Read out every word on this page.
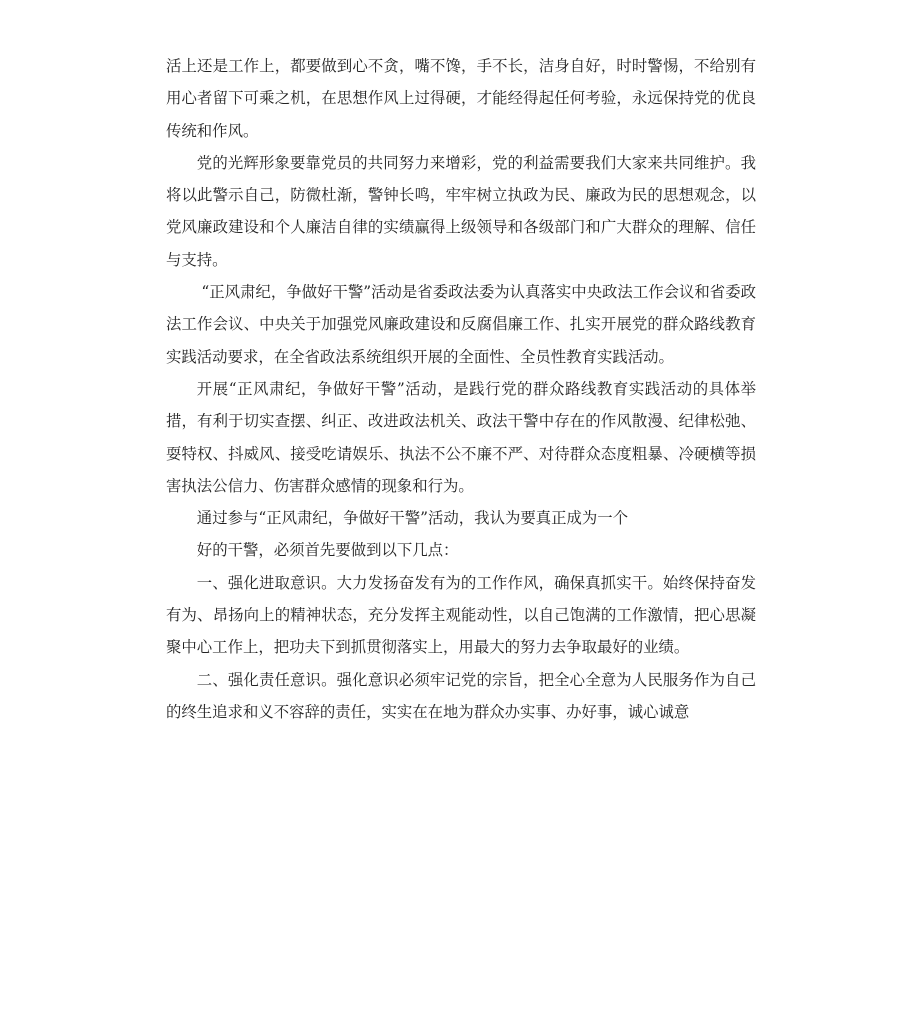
活上还是工作上，都要做到心不贪，嘴不馋，手不长，洁身自好，时时警惕，不给别有用心者留下可乘之机，在思想作风上过得硬，才能经得起任何考验，永远保持党的优良传统和作风。

党的光辉形象要靠党员的共同努力来增彩，党的利益需要我们大家来共同维护。我将以此警示自己，防微杜渐，警钟长鸣，牢牢树立执政为民、廉政为民的思想观念，以党风廉政建设和个人廉洁自律的实绩赢得上级领导和各级部门和广大群众的理解、信任与支持。

“正风肃纪，争做好干警”活动是省委政法委为认真落实中央政法工作会议和省委政法工作会议、中央关于加强党风廉政建设和反腐倡廉工作、扎实开展党的群众路线教育实践活动要求，在全省政法系统组织开展的全面性、全员性教育实践活动。

开展“正风肃纪，争做好干警”活动，是践行党的群众路线教育实践活动的具体举措，有利于切实查摆、纠正、改进政法机关、政法干警中存在的作风散漫、纪律松弛、耍特权、抖威风、接受吃请娱乐、执法不公不廉不严、对待群众态度粗暴、冷硬横等损害执法公信力、伤害群众感情的现象和行为。

通过参与“正风肃纪，争做好干警”活动，我认为要真正成为一个

好的干警，必须首先要做到以下几点：

一、强化进取意识。大力发扬奋发有为的工作作风，确保真抓实干。始终保持奋发有为、昂扬向上的精神状态，充分发挥主观能动性，以自己饱满的工作激情，把心思凝聚中心工作上，把功夫下到抓贯彻落实上，用最大的努力去争取最好的业绩。

二、强化责任意识。强化意识必须牢记党的宗旨，把全心全意为人民服务作为自己的终生追求和义不容辞的责任，实实在在地为群众办实事、办好事，诚心诚意
